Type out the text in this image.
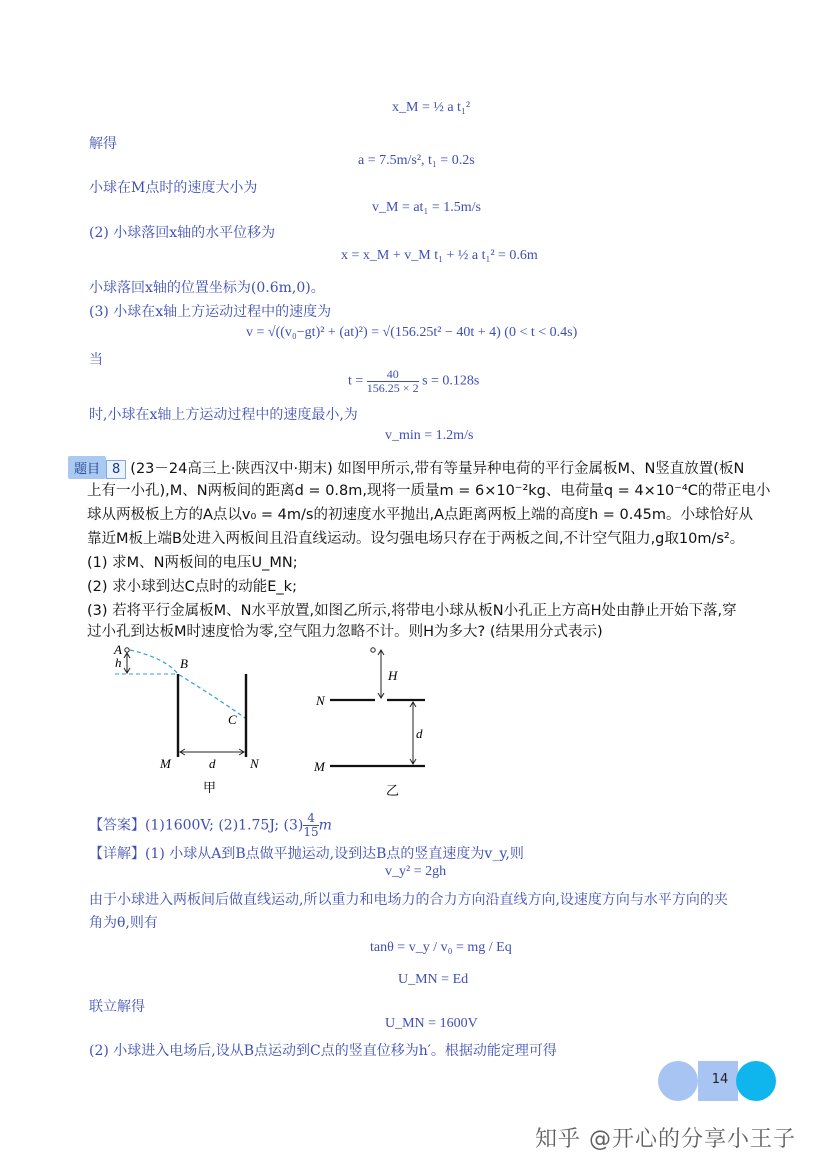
x_M = ½ a t₁²
解得
a = 7.5m/s², t₁ = 0.2s
小球在M点时的速度大小为
v_M = at₁ = 1.5m/s
(2) 小球落回x轴的水平位移为
x = x_M + v_M t₁ + ½ a t₁² = 0.6m
小球落回x轴的位置坐标为(0.6m,0)。
(3) 小球在x轴上方运动过程中的速度为
v = √((v₀−gt)² + (at)²) = √(156.25t² − 40t + 4) (0 < t < 0.4s)
当
$t = \frac{40}{156.25 \times 2}$ s = 0.128s
时,小球在x轴上方运动过程中的速度最小,为
v_min = 1.2m/s
题目 8 (23－24高三上·陕西汉中·期末) 如图甲所示,带有等量异种电荷的平行金属板M、N竖直放置(板N
上有一小孔),M、N两板间的距离d = 0.8m,现将一质量m = 6×10⁻²kg、电荷量q = 4×10⁻⁴C的带正电小
球从两极板上方的A点以v₀ = 4m/s的初速度水平抛出,A点距离两板上端的高度h = 0.45m。小球恰好从
靠近M板上端B处进入两板间且沿直线运动。设匀强电场只存在于两板之间,不计空气阻力,g取10m/s²。
(1) 求M、N两板间的电压U_MN;
(2) 求小球到达C点时的动能E_k;
(3) 若将平行金属板M、N水平放置,如图乙所示,将带电小球从板N小孔正上方高H处由静止开始下落,穿
过小孔到达板M时速度恰为零,空气阻力忽略不计。则H为多大? (结果用分式表示)
A
h	B
C
d
M	N
甲
H
N
d
M
乙
【答案】(1)1600V; (2)1.75J; $(3) \frac{4}{15}$ m
【详解】(1) 小球从A到B点做平抛运动,设到达B点的竖直速度为v_y,则
v_y² = 2gh
由于小球进入两板间后做直线运动,所以重力和电场力的合力方向沿直线方向,设速度方向与水平方向的夹
角为θ,则有
tanθ = v_y / v₀ = mg / Eq
U_MN = Ed
联立解得
U_MN = 1600V
(2) 小球进入电场后,设从B点运动到C点的竖直位移为h′。根据动能定理可得
14
知乎 @开心的分享小王子
